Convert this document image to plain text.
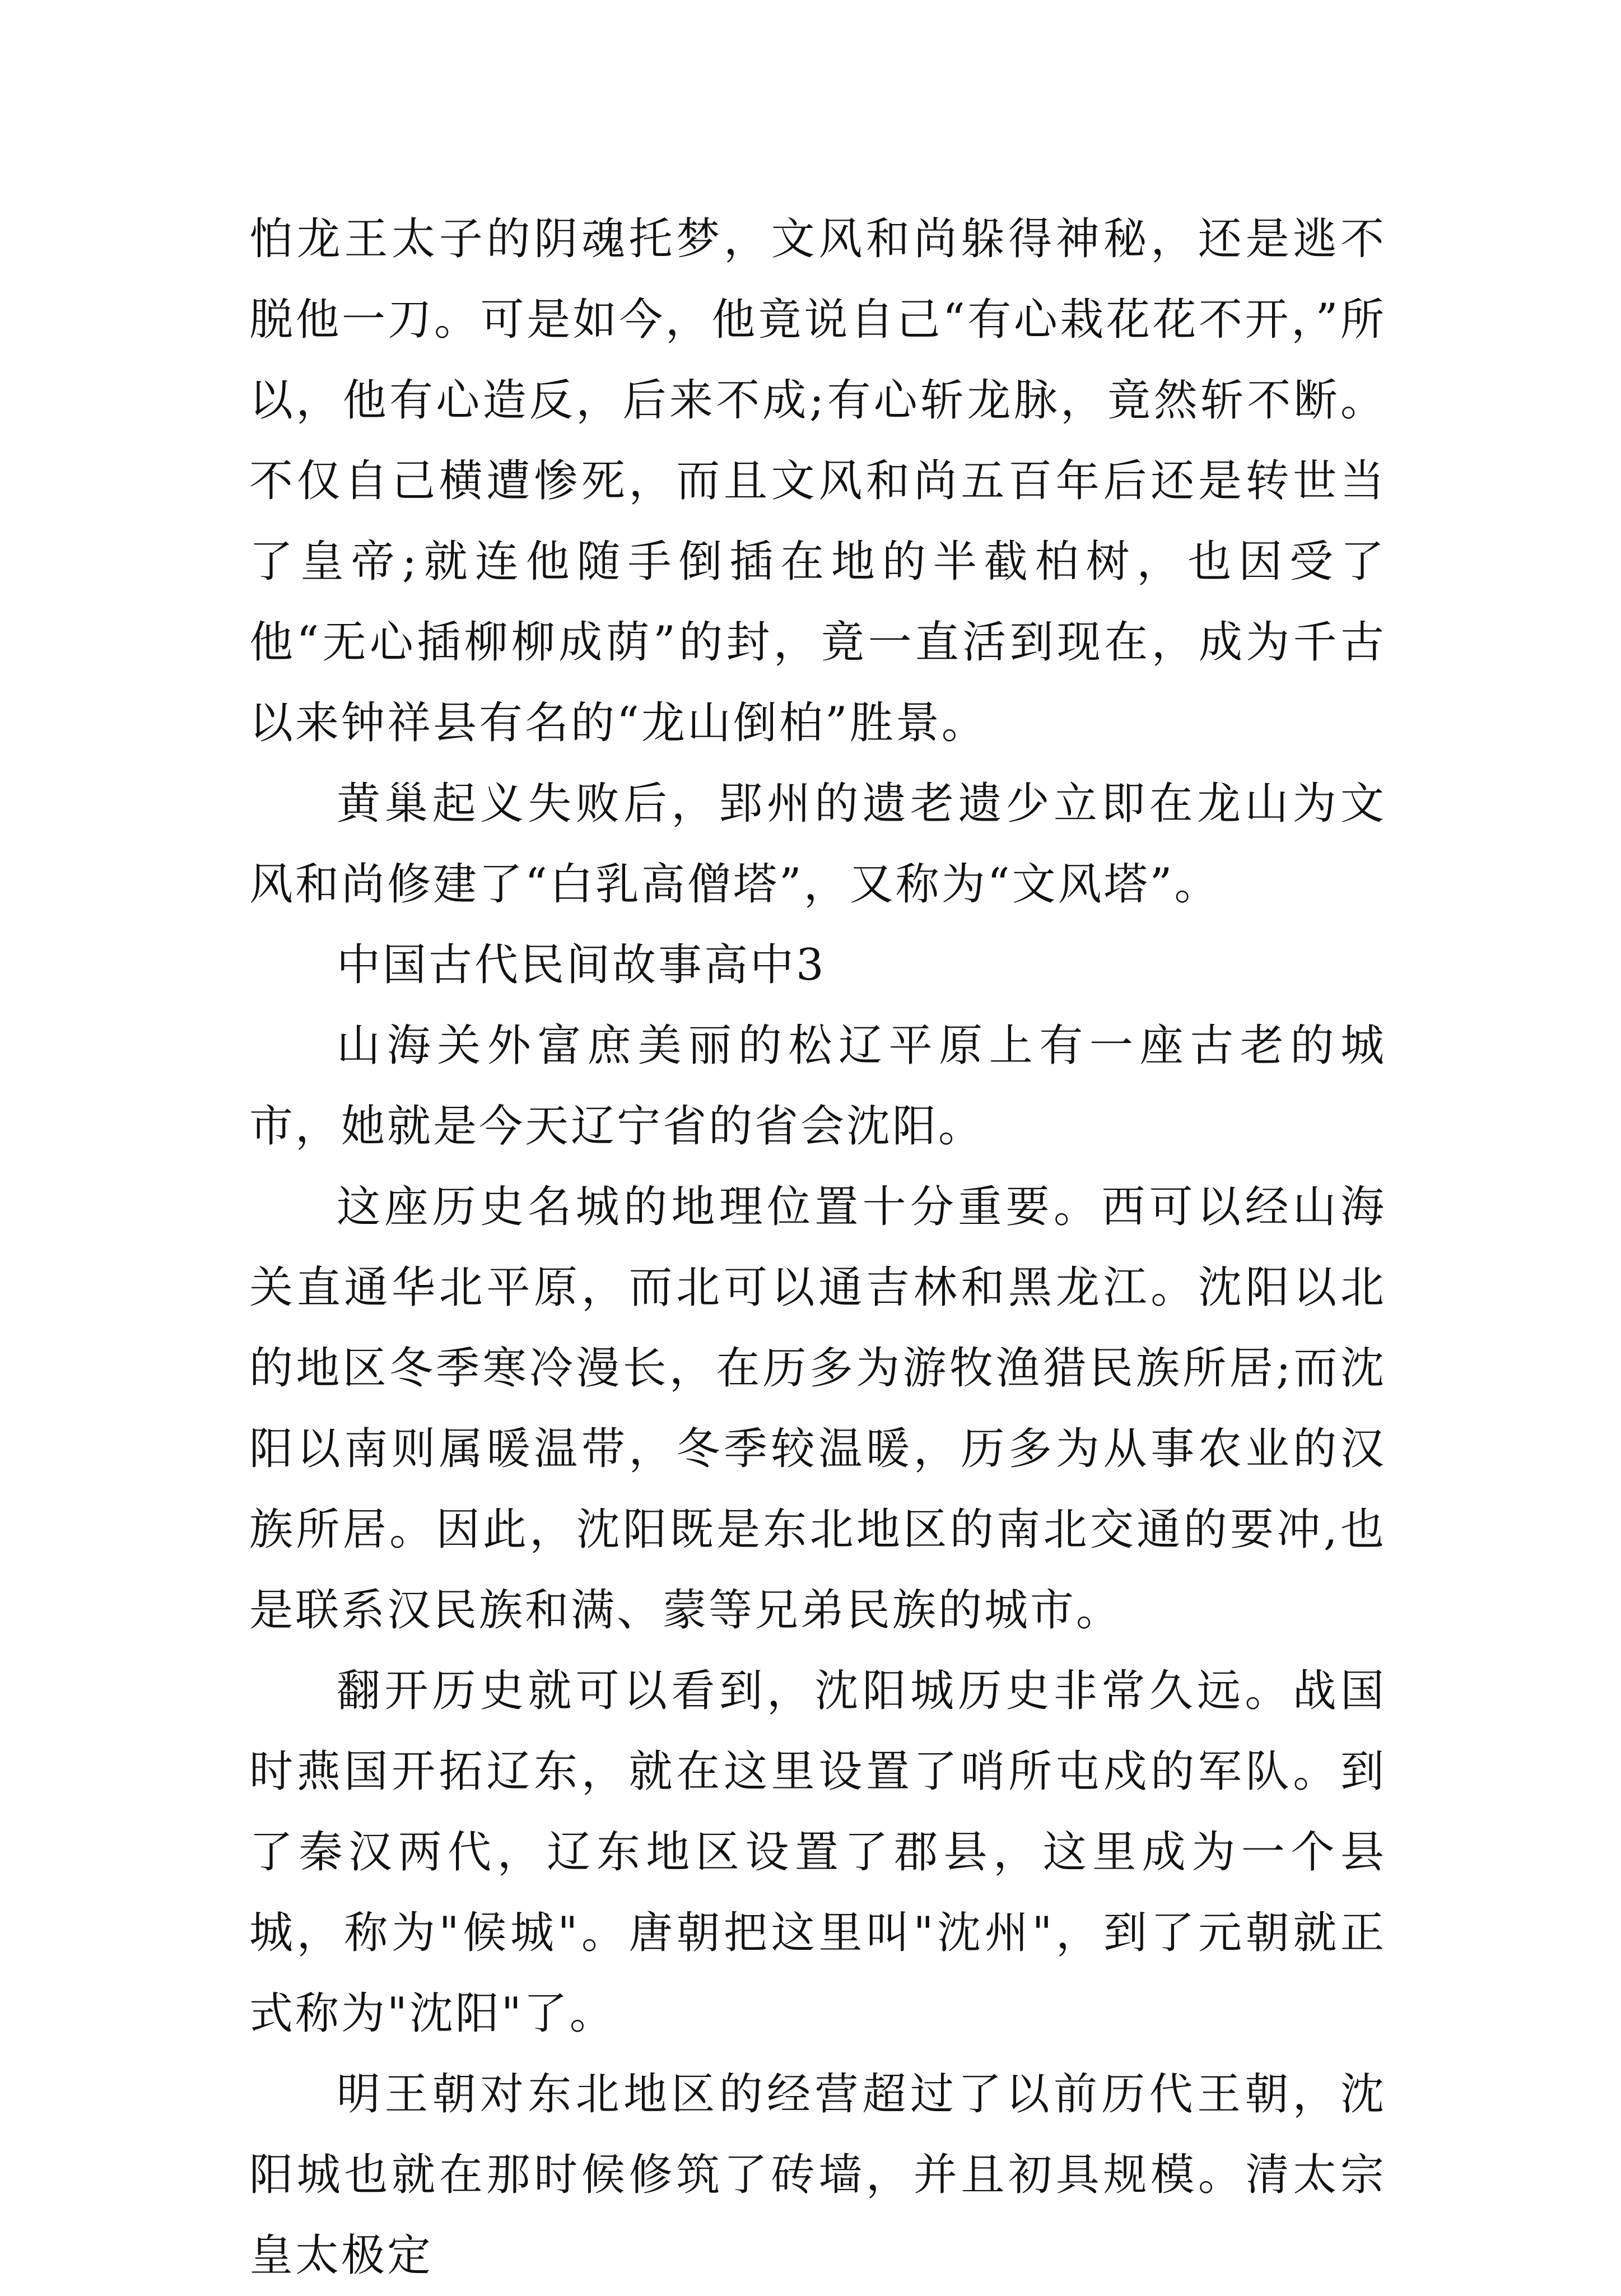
怕龙王太子的阴魂托梦，文风和尚躲得神秘，还是逃不脱他一刀。可是如今，他竟说自己“有心栽花花不开，”所以，他有心造反，后来不成;有心斩龙脉，竟然斩不断。不仅自己横遭惨死，而且文风和尚五百年后还是转世当了皇帝;就连他随手倒插在地的半截柏树，也因受了他“无心插柳柳成荫”的封，竟一直活到现在，成为千古以来钟祥县有名的“龙山倒柏”胜景。

黄巢起义失败后，郢州的遗老遗少立即在龙山为文风和尚修建了“白乳高僧塔”，又称为“文风塔”。

中国古代民间故事高中3

山海关外富庶美丽的松辽平原上有一座古老的城市，她就是今天辽宁省的省会沈阳。

这座历史名城的地理位置十分重要。西可以经山海关直通华北平原，而北可以通吉林和黑龙江。沈阳以北的地区冬季寒冷漫长，在历多为游牧渔猎民族所居;而沈阳以南则属暖温带，冬季较温暖，历多为从事农业的汉族所居。因此，沈阳既是东北地区的南北交通的要冲,也是联系汉民族和满、蒙等兄弟民族的城市。

翻开历史就可以看到，沈阳城历史非常久远。战国时燕国开拓辽东，就在这里设置了哨所屯戍的军队。到了秦汉两代，辽东地区设置了郡县，这里成为一个县城，称为"候城"。唐朝把这里叫"沈州"，到了元朝就正式称为"沈阳"了。

明王朝对东北地区的经营超过了以前历代王朝，沈阳城也就在那时候修筑了砖墙，并且初具规模。清太宗皇太极定
